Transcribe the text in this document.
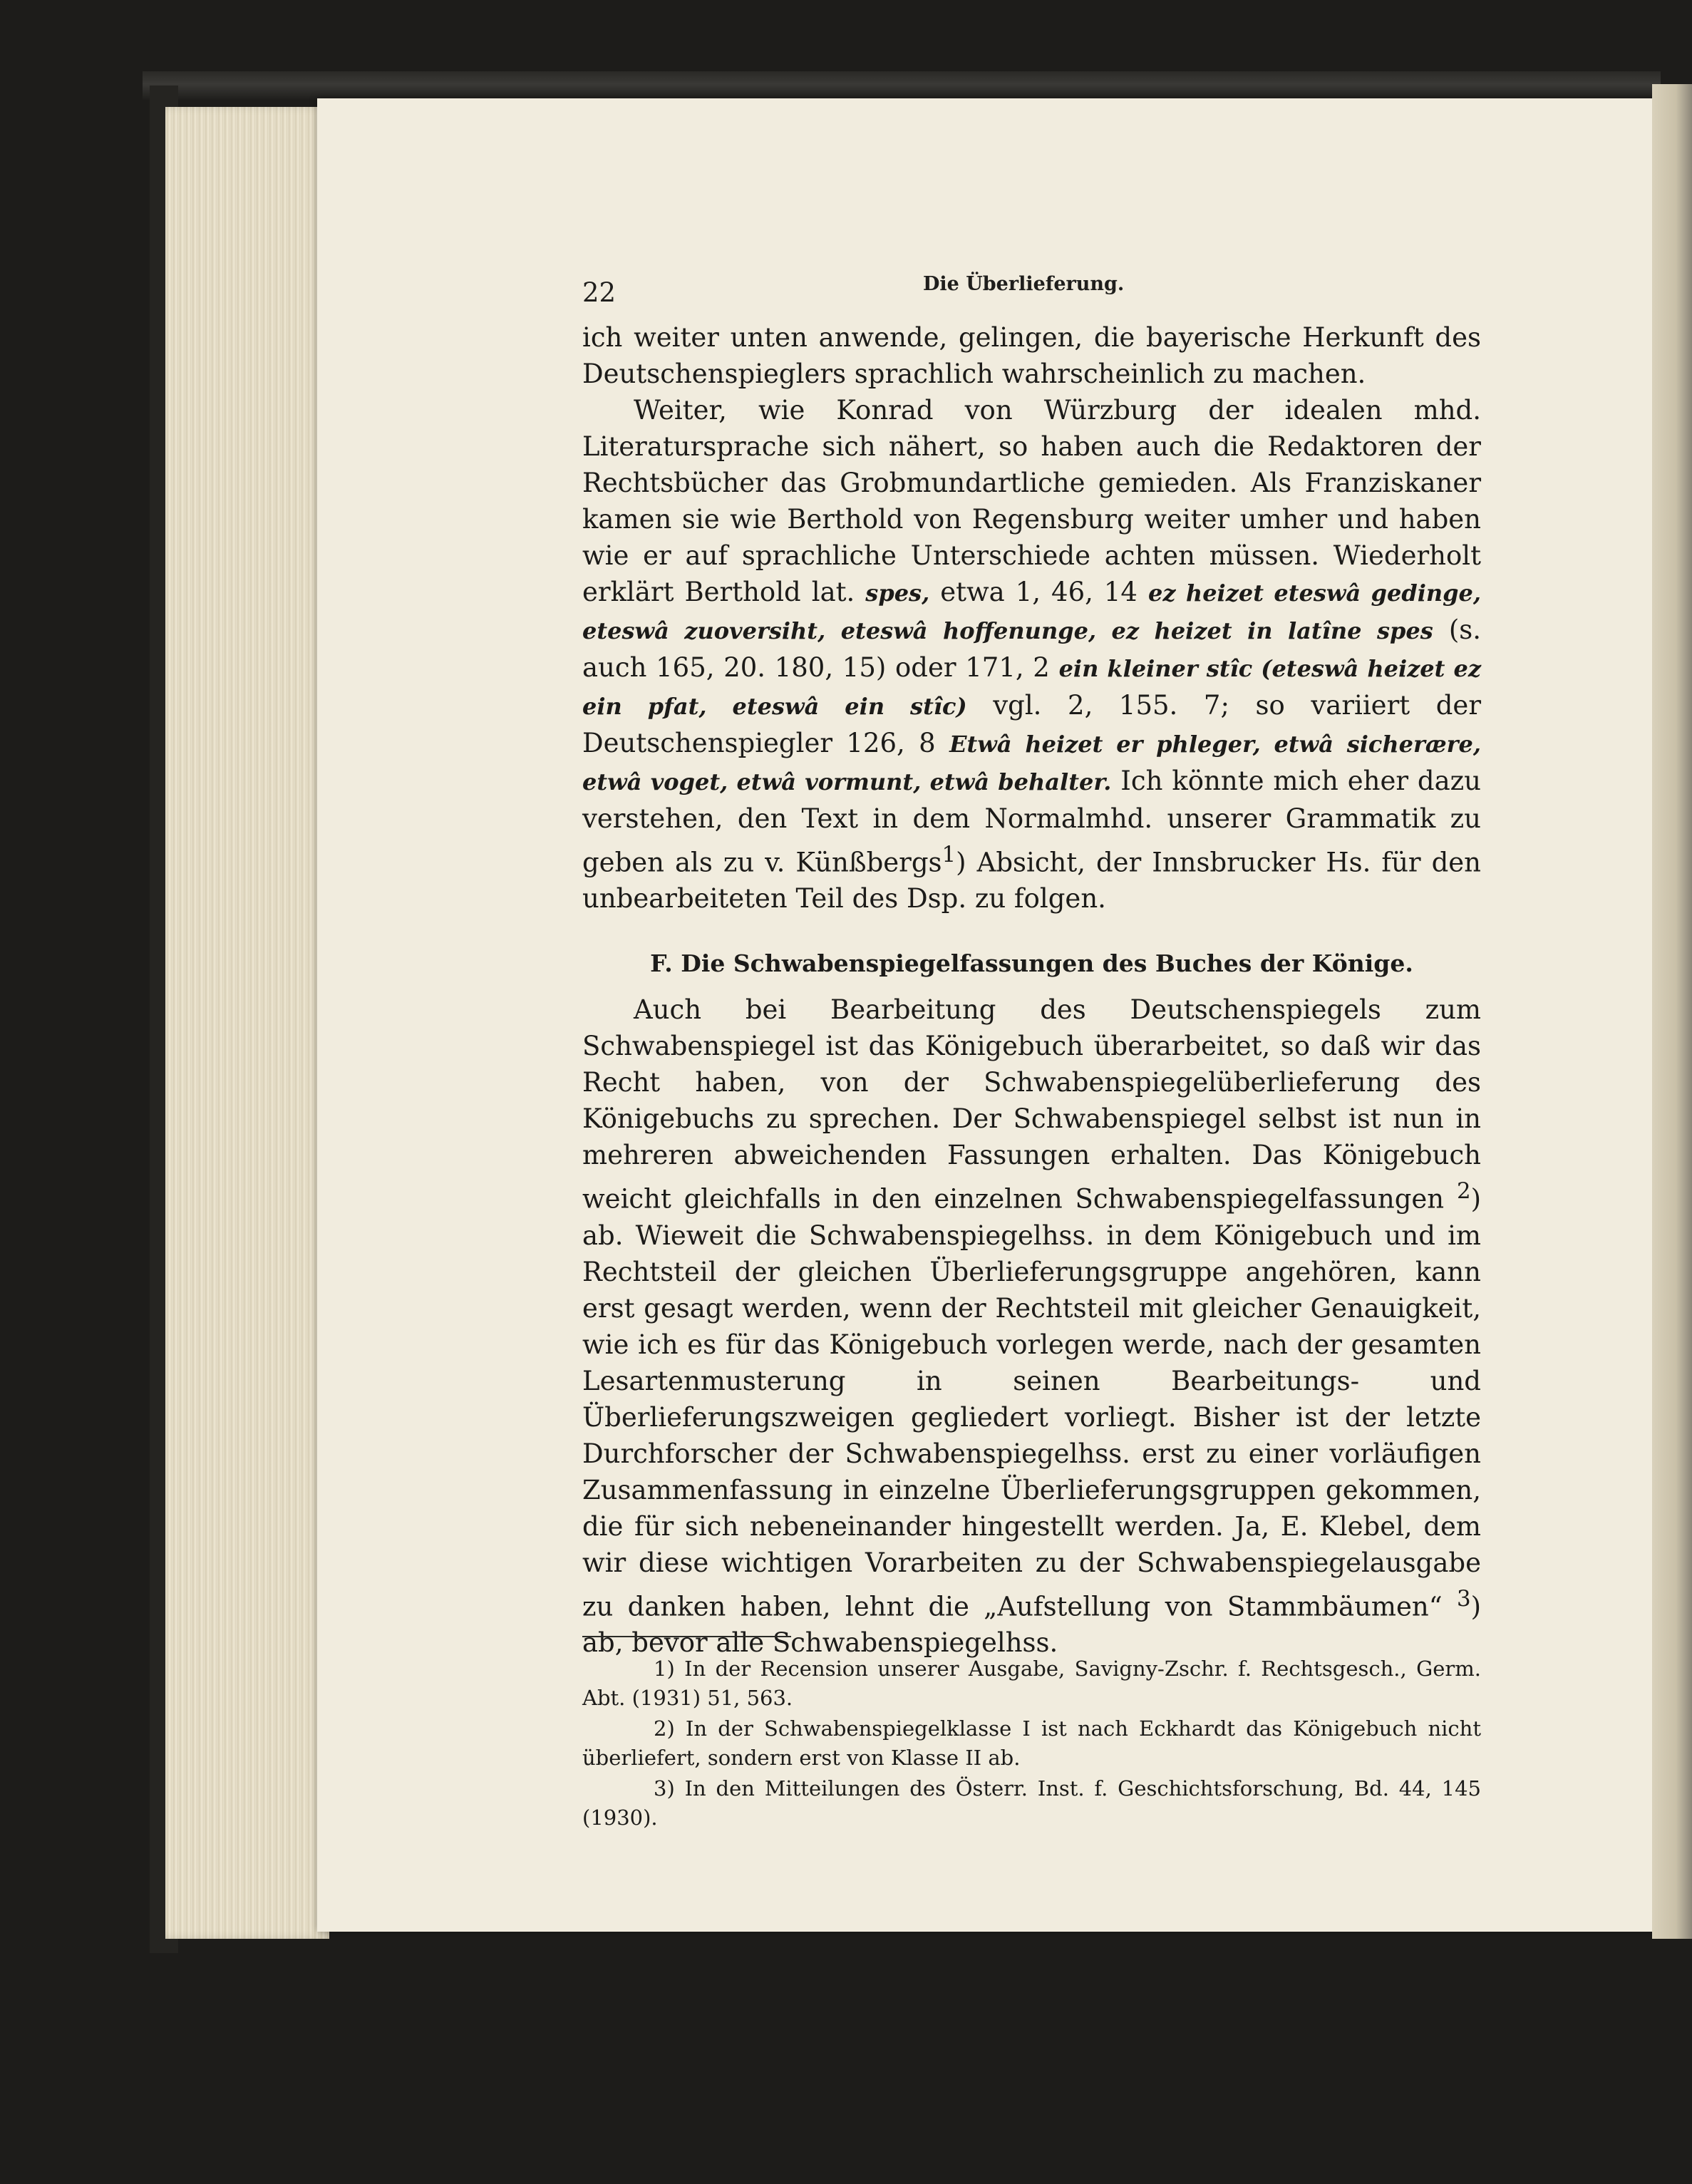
22	Die Überlieferung.

ich weiter unten anwende, gelingen, die bayerische Herkunft des Deutschenspieglers sprachlich wahrscheinlich zu machen.

Weiter, wie Konrad von Würzburg der idealen mhd. Literatursprache sich nähert, so haben auch die Redaktoren der Rechtsbücher das Grobmundartliche gemieden. Als Franziskaner kamen sie wie Berthold von Regensburg weiter umher und haben wie er auf sprachliche Unterschiede achten müssen. Wiederholt erklärt Berthold lat. spes, etwa 1, 46, 14 ez heizet eteswâ gedinge, eteswâ zuoversiht, eteswâ hoffenunge, ez heizet in latîne spes (s. auch 165, 20. 180, 15) oder 171, 2 ein kleiner stîc (eteswâ heizet ez ein pfat, eteswâ ein stîc) vgl. 2, 155. 7; so variiert der Deutschenspiegler 126, 8 Etwâ heizet er phleger, etwâ sicherære, etwâ voget, etwâ vormunt, etwâ behalter. Ich könnte mich eher dazu verstehen, den Text in dem Normalmhd. unserer Grammatik zu geben als zu v. Künßbergs$^1$) Absicht, der Innsbrucker Hs. für den unbearbeiteten Teil des Dsp. zu folgen.

F. Die Schwabenspiegelfassungen des Buches der Könige.

Auch bei Bearbeitung des Deutschenspiegels zum Schwabenspiegel ist das Königebuch überarbeitet, so daß wir das Recht haben, von der Schwabenspiegelüberlieferung des Königebuchs zu sprechen. Der Schwabenspiegel selbst ist nun in mehreren abweichenden Fassungen erhalten. Das Königebuch weicht gleichfalls in den einzelnen Schwabenspiegelfassungen $^2$) ab. Wieweit die Schwabenspiegelhss. in dem Königebuch und im Rechtsteil der gleichen Überlieferungsgruppe angehören, kann erst gesagt werden, wenn der Rechtsteil mit gleicher Genauigkeit, wie ich es für das Königebuch vorlegen werde, nach der gesamten Lesartenmusterung in seinen Bearbeitungs- und Überlieferungszweigen gegliedert vorliegt. Bisher ist der letzte Durchforscher der Schwabenspiegelhss. erst zu einer vorläufigen Zusammenfassung in einzelne Überlieferungsgruppen gekommen, die für sich nebeneinander hingestellt werden. Ja, E. Klebel, dem wir diese wichtigen Vorarbeiten zu der Schwabenspiegelausgabe zu danken haben, lehnt die „Aufstellung von Stammbäumen“ $^3$) ab, bevor alle Schwabenspiegelhss.

1) In der Recension unserer Ausgabe, Savigny-Zschr. f. Rechtsgesch., Germ. Abt. (1931) 51, 563.

2) In der Schwabenspiegelklasse I ist nach Eckhardt das Königebuch nicht überliefert, sondern erst von Klasse II ab.

3) In den Mitteilungen des Österr. Inst. f. Geschichtsforschung, Bd. 44, 145 (1930).
